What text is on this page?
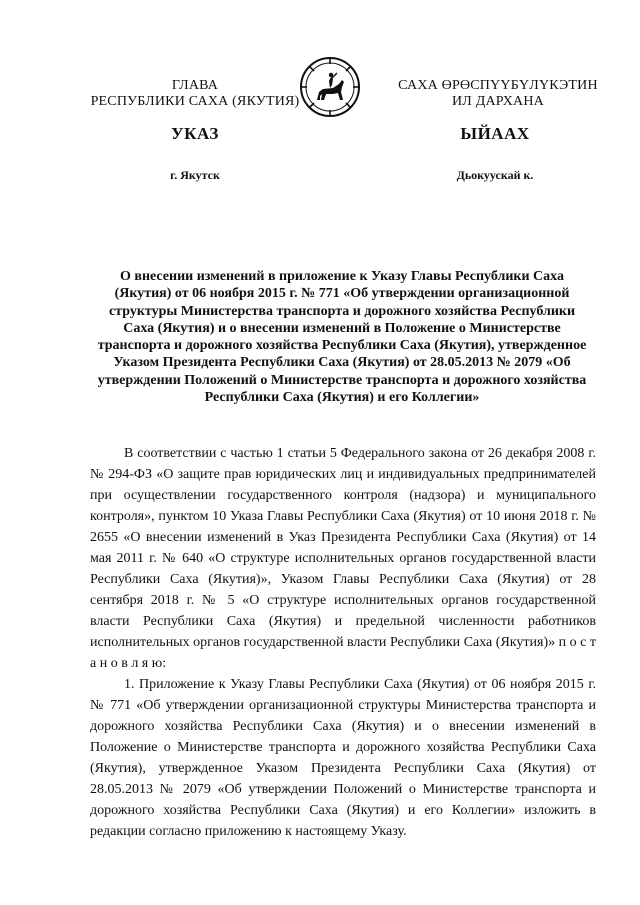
ГЛАВА
РЕСПУБЛИКИ САХА (ЯКУТИЯ)
САХА ӨРӨСПҮҮБҮЛҮКЭТИН
ИЛ ДАРХАНА
УКАЗ	ЫЙААХ
г. Якутск	Дьокуускай к.
О внесении изменений в приложение к Указу Главы Республики Саха (Якутия) от 06 ноября 2015 г. № 771 «Об утверждении организационной структуры Министерства транспорта и дорожного хозяйства Республики Саха (Якутия) и о внесении изменений в Положение о Министерстве транспорта и дорожного хозяйства Республики Саха (Якутия), утвержденное Указом Президента Республики Саха (Якутия) от 28.05.2013 № 2079 «Об утверждении Положений о Министерстве транспорта и дорожного хозяйства Республики Саха (Якутия) и его Коллегии»

В соответствии с частью 1 статьи 5 Федерального закона от 26 декабря 2008 г. № 294-ФЗ «О защите прав юридических лиц и индивидуальных предпринимателей при осуществлении государственного контроля (надзора) и муниципального контроля», пунктом 10 Указа Главы Республики Саха (Якутия) от 10 июня 2018 г. № 2655 «О внесении изменений в Указ Президента Республики Саха (Якутия) от 14 мая 2011 г. № 640 «О структуре исполнительных органов государственной власти Республики Саха (Якутия)», Указом Главы Республики Саха (Якутия) от 28 сентября 2018 г. № 5 «О структуре исполнительных органов государственной власти Республики Саха (Якутия) и предельной численности работников исполнительных органов государственной власти Республики Саха (Якутия)» п о с т а н о в л я ю:

1. Приложение к Указу Главы Республики Саха (Якутия) от 06 ноября 2015 г. № 771 «Об утверждении организационной структуры Министерства транспорта и дорожного хозяйства Республики Саха (Якутия) и о внесении изменений в Положение о Министерстве транспорта и дорожного хозяйства Республики Саха (Якутия), утвержденное Указом Президента Республики Саха (Якутия) от 28.05.2013 № 2079 «Об утверждении Положений о Министерстве транспорта и дорожного хозяйства Республики Саха (Якутия) и его Коллегии» изложить в редакции согласно приложению к настоящему Указу.
